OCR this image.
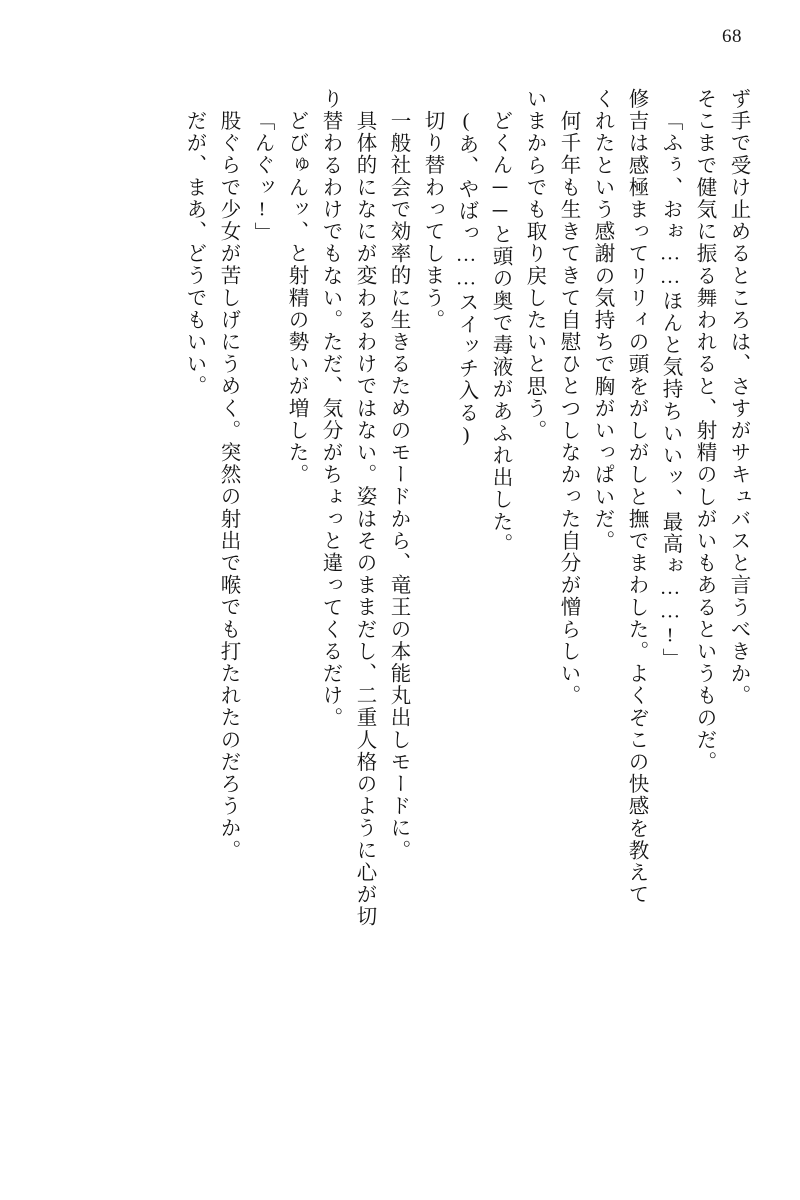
68
ず手で受け止めるところは、さすがサキュバスと言うべきか。
そこまで健気に振る舞われると、射精のしがいもあるというものだ。
「ふぅ、おぉ……ほんと気持ちいいッ、最高ぉ……!」
修吉は感極まってリリィの頭をがしがしと撫でまわした。よくぞこの快感を教えて
くれたという感謝の気持ちで胸がいっぱいだ。
何千年も生きてきて自慰ひとつしなかった自分が憎らしい。
いまからでも取り戻したいと思う。
どくん──と頭の奥で毒液があふれ出した。
(あ、やばっ……スイッチ入る)
切り替わってしまう。
一般社会で効率的に生きるためのモードから、竜王の本能丸出しモードに。
具体的になにが変わるわけではない。姿はそのままだし、二重人格のように心が切
り替わるわけでもない。ただ、気分がちょっと違ってくるだけ。
どびゅんッ、と射精の勢いが増した。
「んぐッ!」
股ぐらで少女が苦しげにうめく。突然の射出で喉でも打たれたのだろうか。
だが、まあ、どうでもいい。
